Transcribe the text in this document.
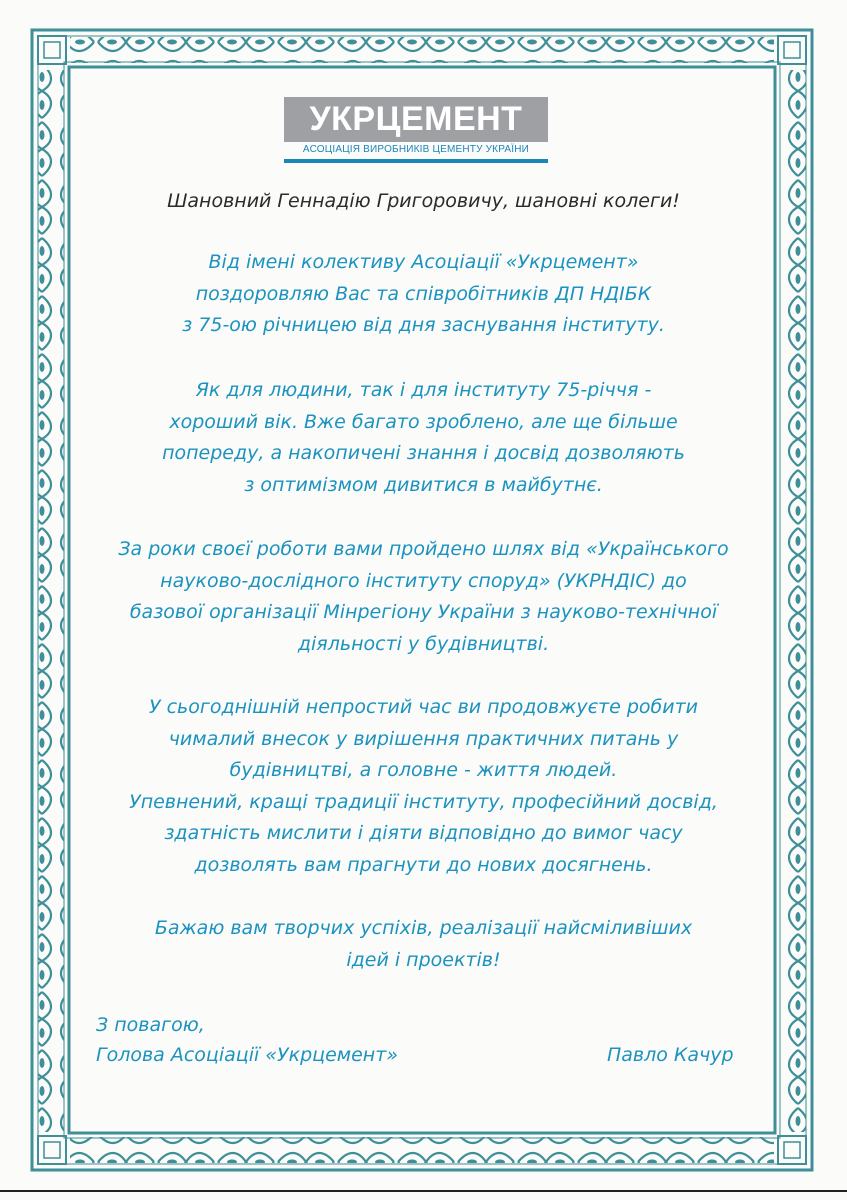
УКРЦЕМЕНТ
АСОЦІАЦІЯ ВИРОБНИКІВ ЦЕМЕНТУ УКРАЇНИ
Шановний Геннадію Григоровичу, шановні колеги!
Від імені колективу Асоціації «Укрцемент»
поздоровляю Вас та співробітників ДП НДІБК
з 75-ою річницею від дня заснування інституту.
Як для людини, так і для інституту 75-річчя -
хороший вік. Вже багато зроблено, але ще більше
попереду, а накопичені знання і досвід дозволяють
з оптимізмом дивитися в майбутнє.
За роки своєї роботи вами пройдено шлях від «Українського
науково-дослідного інституту споруд» (УКРНДІС) до
базової організації Мінрегіону України з науково-технічної
діяльності у будівництві.
У сьогоднішній непростий час ви продовжуєте робити
чималий внесок у вирішення практичних питань у
будівництві, а головне - життя людей.
Упевнений, кращі традиції інституту, професійний досвід,
здатність мислити і діяти відповідно до вимог часу
дозволять вам прагнути до нових досягнень.
Бажаю вам творчих успіхів, реалізації найсміливіших
ідей і проектів!
З повагою,
Голова Асоціації «Укрцемент»	Павло Качур
